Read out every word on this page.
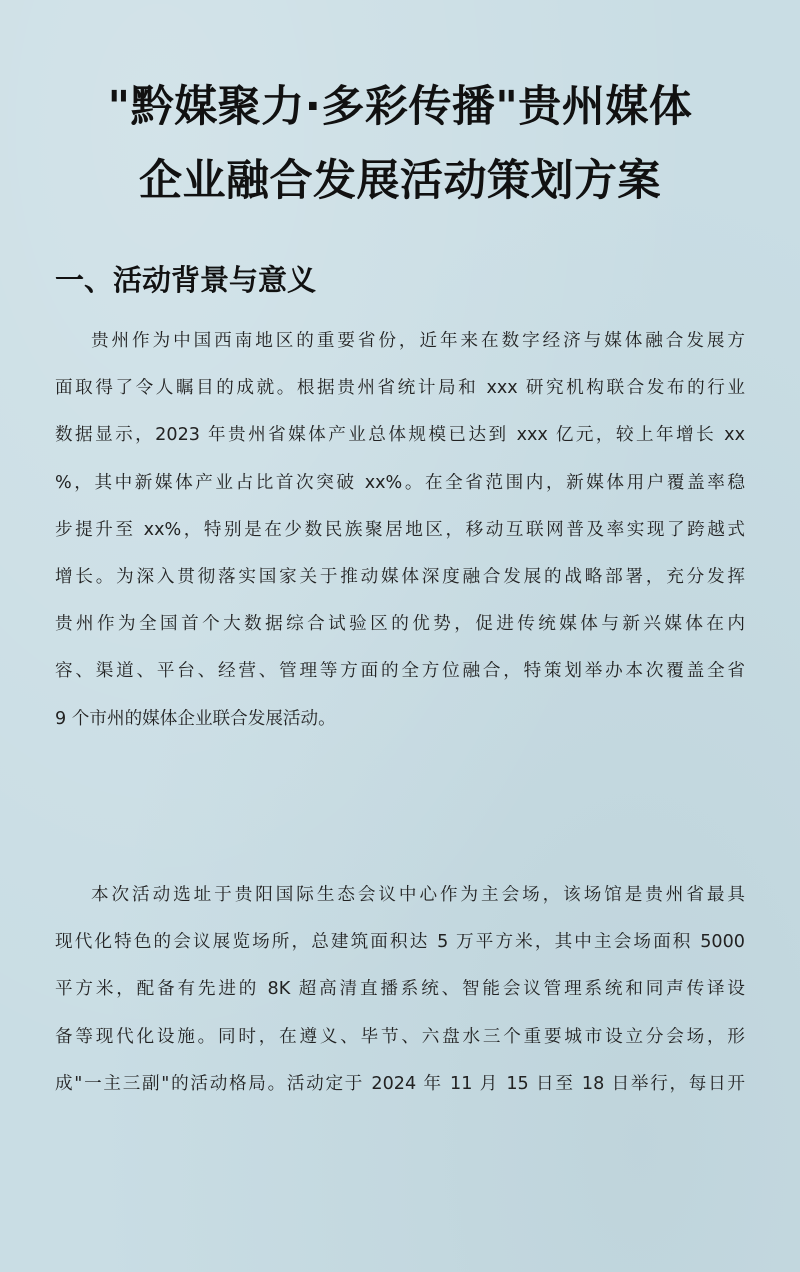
"黔媒聚力·多彩传播"贵州媒体
企业融合发展活动策划方案
一、活动背景与意义

贵州作为中国西南地区的重要省份，近年来在数字经济与媒体融合发展方
面取得了令人瞩目的成就。根据贵州省统计局和 xxx 研究机构联合发布的行业
数据显示，2023 年贵州省媒体产业总体规模已达到 xxx 亿元，较上年增长 xx
%，其中新媒体产业占比首次突破 xx%。在全省范围内，新媒体用户覆盖率稳
步提升至 xx%，特别是在少数民族聚居地区，移动互联网普及率实现了跨越式
增长。为深入贯彻落实国家关于推动媒体深度融合发展的战略部署，充分发挥
贵州作为全国首个大数据综合试验区的优势，促进传统媒体与新兴媒体在内
容、渠道、平台、经营、管理等方面的全方位融合，特策划举办本次覆盖全省
9 个市州的媒体企业联合发展活动。

本次活动选址于贵阳国际生态会议中心作为主会场，该场馆是贵州省最具
现代化特色的会议展览场所，总建筑面积达 5 万平方米，其中主会场面积 5000
平方米，配备有先进的 8K 超高清直播系统、智能会议管理系统和同声传译设
备等现代化设施。同时，在遵义、毕节、六盘水三个重要城市设立分会场，形
成"一主三副"的活动格局。活动定于 2024 年 11 月 15 日至 18 日举行，每日开
